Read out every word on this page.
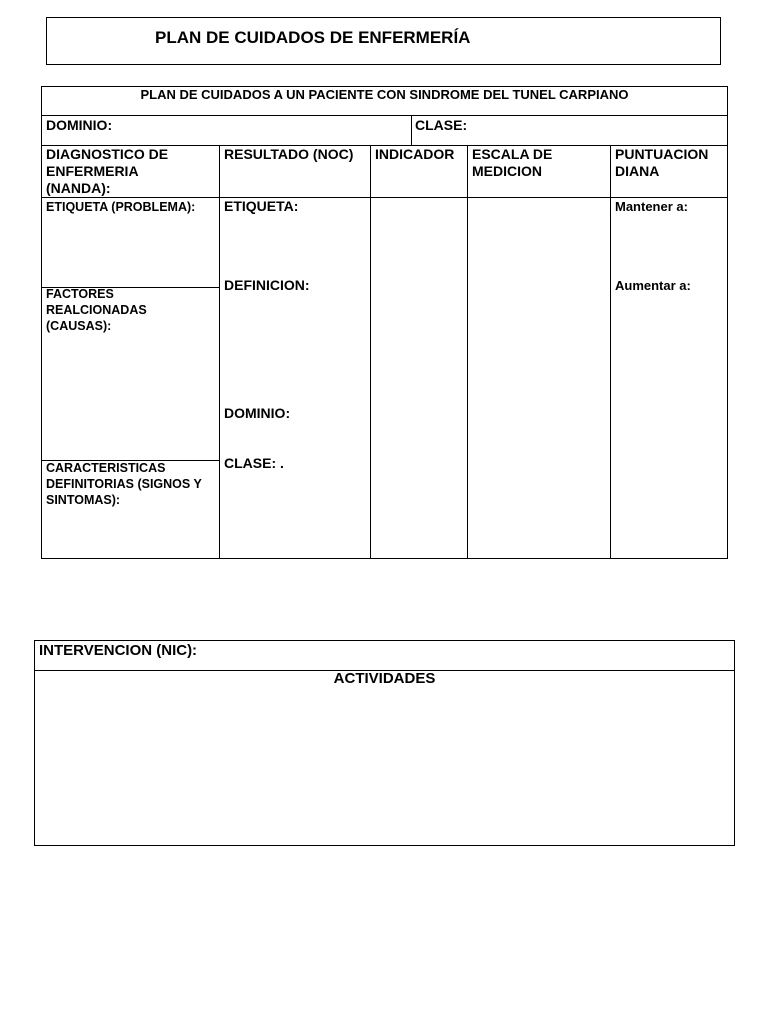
PLAN DE CUIDADOS DE ENFERMERÍA
PLAN DE CUIDADOS A UN PACIENTE CON SINDROME DEL TUNEL CARPIANO
DOMINIO:	CLASE:
DIAGNOSTICO DE ENFERMERIA (NANDA):
RESULTADO (NOC)	INDICADOR ESCALA DE MEDICION
PUNTUACION DIANA
ETIQUETA (PROBLEMA):
FACTORES REALCIONADAS (CAUSAS):
CARACTERISTICAS DEFINITORIAS (SIGNOS Y SINTOMAS):
ETIQUETA:
DEFINICION:
DOMINIO:
CLASE: .
Mantener a:
Aumentar a:
INTERVENCION (NIC):
ACTIVIDADES
